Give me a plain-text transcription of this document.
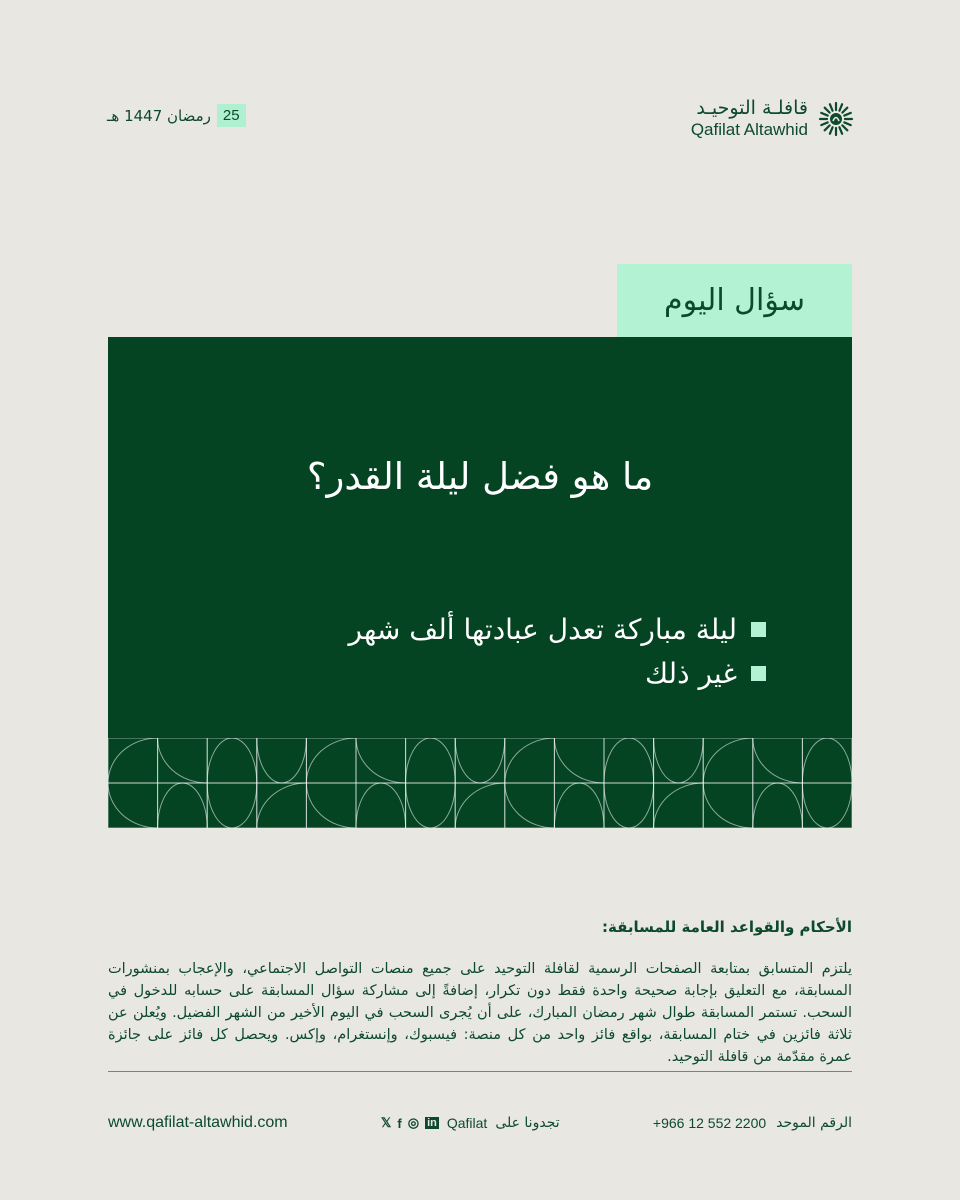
قافلـة التوحيـد
Qafilat Altawhid
رمضان 1447 هـ 25
سؤال اليوم
ما هو فضل ليلة القدر؟
ليلة مباركة تعدل عبادتها ألف شهر
غير ذلك
الأحكام والقواعد العامة للمسابقة:
يلتزم المتسابق بمتابعة الصفحات الرسمية لقافلة التوحيد على جميع منصات التواصل الاجتماعي، والإعجاب بمنشورات المسابقة، مع التعليق بإجابة صحيحة واحدة فقط دون تكرار، إضافةً إلى مشاركة سؤال المسابقة على حسابه للدخول في السحب. تستمر المسابقة طوال شهر رمضان المبارك، على أن يُجرى السحب في اليوم الأخير من الشهر الفضيل. ويُعلن عن ثلاثة فائزين في ختام المسابقة، بواقع فائز واحد من كل منصة: فيسبوك، وإنستغرام، وإكس. ويحصل كل فائز على جائزة عمرة مقدّمة من قافلة التوحيد.
www.qafilat-altawhid.com	𝕏 f ◎ in Qafilat تجدونا على	+966 12 552 2200 الرقم الموحد
